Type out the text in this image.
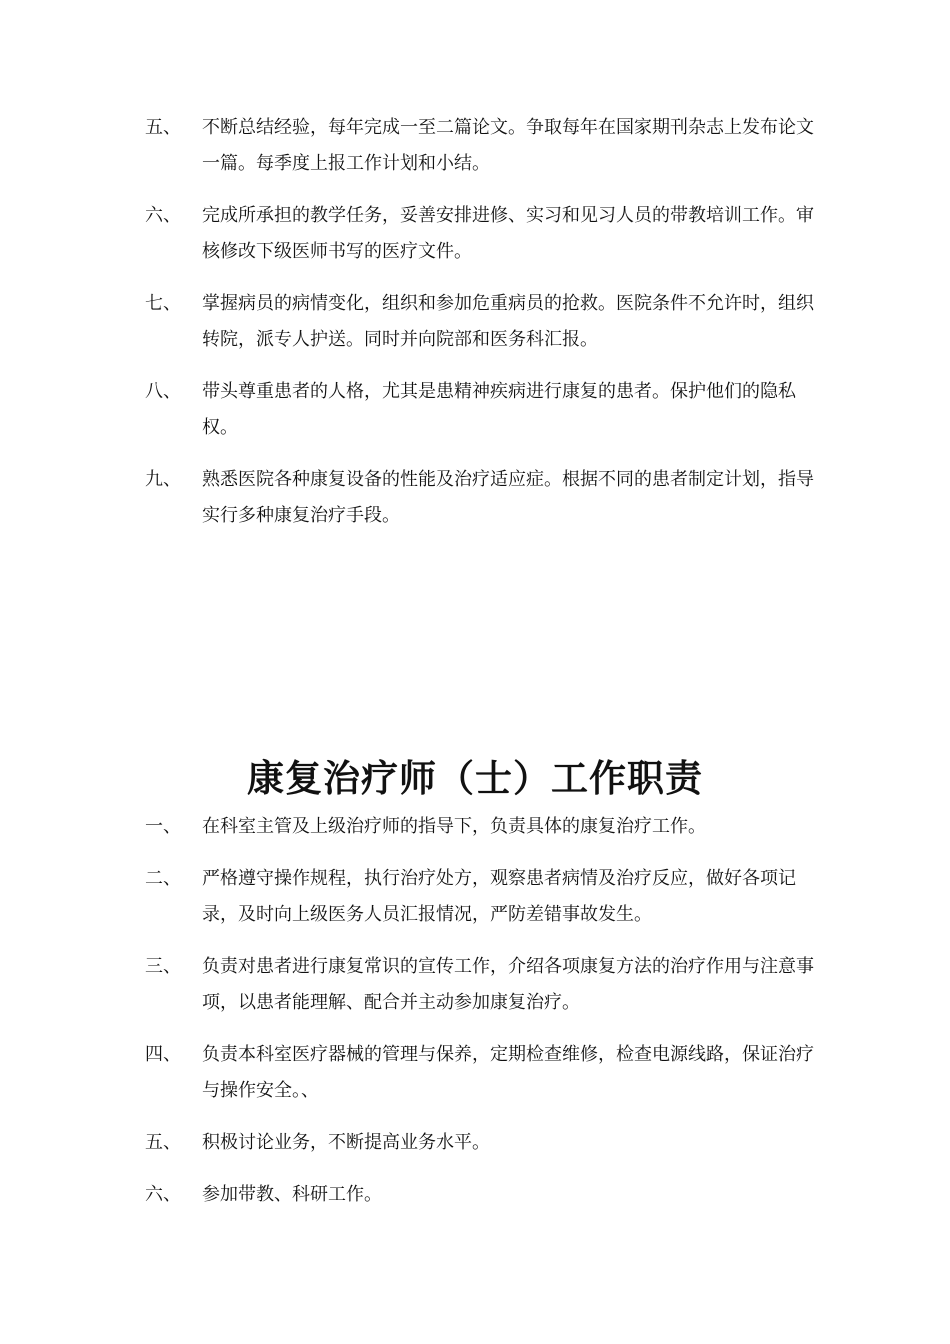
五、	不断总结经验，每年完成一至二篇论文。争取每年在国家期刊杂志上发布论文一篇。每季度上报工作计划和小结。
六、	完成所承担的教学任务，妥善安排进修、实习和见习人员的带教培训工作。审核修改下级医师书写的医疗文件。
七、	掌握病员的病情变化，组织和参加危重病员的抢救。医院条件不允许时，组织转院，派专人护送。同时并向院部和医务科汇报。
八、	带头尊重患者的人格，尤其是患精神疾病进行康复的患者。保护他们的隐私权。
九、	熟悉医院各种康复设备的性能及治疗适应症。根据不同的患者制定计划，指导实行多种康复治疗手段。
康复治疗师（士）工作职责
一、	在科室主管及上级治疗师的指导下，负责具体的康复治疗工作。
二、	严格遵守操作规程，执行治疗处方，观察患者病情及治疗反应，做好各项记录，及时向上级医务人员汇报情况，严防差错事故发生。
三、	负责对患者进行康复常识的宣传工作，介绍各项康复方法的治疗作用与注意事项，以患者能理解、配合并主动参加康复治疗。
四、	负责本科室医疗器械的管理与保养，定期检查维修，检查电源线路，保证治疗与操作安全。、
五、	积极讨论业务，不断提高业务水平。
六、	参加带教、科研工作。
